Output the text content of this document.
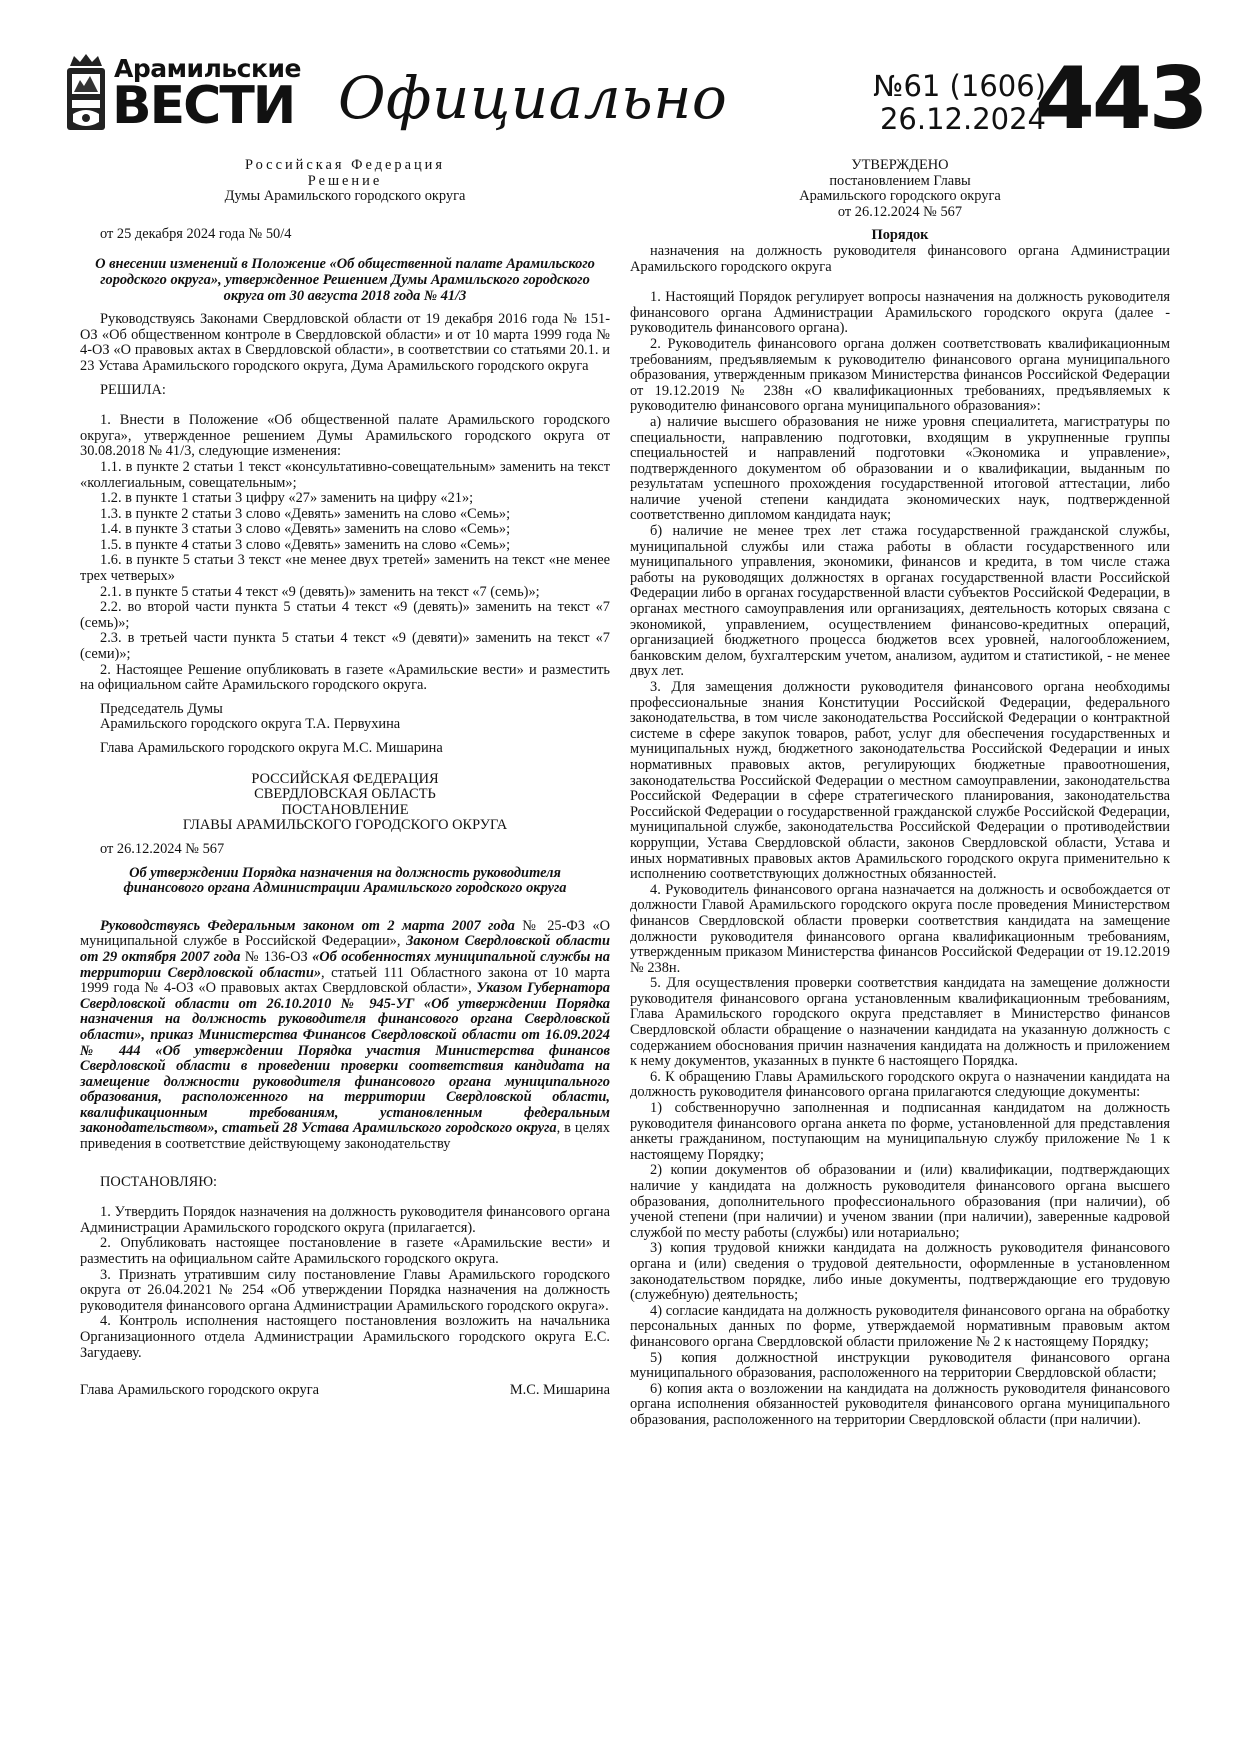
Арамильские
ВЕСТИ Официально	№61 (1606)
26.12.2024
443

Российская Федерация

Решение

Думы Арамильского городского округа

от 25 декабря 2024 года № 50/4

О внесении изменений в Положение «Об общественной палате Арамильского городского округа», утвержденное Решением Думы Арамильского городского округа от 30 августа 2018 года № 41/3

Руководствуясь Законами Свердловской области от 19 декабря 2016 года № 151-ОЗ «Об общественном контроле в Свердловской области» и от 10 марта 1999 года № 4-ОЗ «О правовых актах в Свердловской области», в соответствии со статьями 20.1. и 23 Устава Арамильского городского округа, Дума Арамильского городского округа

РЕШИЛА:

1. Внести в Положение «Об общественной палате Арамильского городского округа», утвержденное решением Думы Арамильского городского округа от 30.08.2018 № 41/3, следующие изменения:

1.1. в пункте 2 статьи 1 текст «консультативно-совещательным» заменить на текст «коллегиальным, совещательным»;

1.2. в пункте 1 статьи 3 цифру «27» заменить на цифру «21»;

1.3. в пункте 2 статьи 3 слово «Девять» заменить на слово «Семь»;

1.4. в пункте 3 статьи 3 слово «Девять» заменить на слово «Семь»;

1.5. в пункте 4 статьи 3 слово «Девять» заменить на слово «Семь»;

1.6. в пункте 5 статьи 3 текст «не менее двух третей» заменить на текст «не менее трех четверых»

2.1. в пункте 5 статьи 4 текст «9 (девять)» заменить на текст «7 (семь)»;

2.2. во второй части пункта 5 статьи 4 текст «9 (девять)» заменить на текст «7 (семь)»;

2.3. в третьей части пункта 5 статьи 4 текст «9 (девяти)» заменить на текст «7 (семи)»;

2. Настоящее Решение опубликовать в газете «Арамильские вести» и разместить на официальном сайте Арамильского городского округа.

Председатель Думы

Арамильского городского округа Т.А. Первухина

Глава Арамильского городского округа М.С. Мишарина

РОССИЙСКАЯ ФЕДЕРАЦИЯ

СВЕРДЛОВСКАЯ ОБЛАСТЬ

ПОСТАНОВЛЕНИЕ

ГЛАВЫ АРАМИЛЬСКОГО ГОРОДСКОГО ОКРУГА

от 26.12.2024 № 567

Об утверждении Порядка назначения на должность руководителя финансового органа Администрации Арамильского городского округа

Руководствуясь Федеральным законом от 2 марта 2007 года № 25-ФЗ «О муниципальной службе в Российской Федерации», Законом Свердловской области от 29 октября 2007 года № 136-ОЗ «Об особенностях муниципальной службы на территории Свердловской области», статьей 111 Областного закона от 10 марта 1999 года № 4-ОЗ «О правовых актах Свердловской области», Указом Губернатора Свердловской области от 26.10.2010 № 945-УГ «Об утверждении Порядка назначения на должность руководителя финансового органа Свердловской области», приказ Министерства Финансов Свердловской области от 16.09.2024 № 444 «Об утверждении Порядка участия Министерства финансов Свердловской области в проведении проверки соответствия кандидата на замещение должности руководителя финансового органа муниципального образования, расположенного на территории Свердловской области, квалификационным требованиям, установленным федеральным законодательством», статьей 28 Устава Арамильского городского округа, в целях приведения в соответствие действующему законодательству

ПОСТАНОВЛЯЮ:

1. Утвердить Порядок назначения на должность руководителя финансового органа Администрации Арамильского городского округа (прилагается).

2. Опубликовать настоящее постановление в газете «Арамильские вести» и разместить на официальном сайте Арамильского городского округа.

3. Признать утратившим силу постановление Главы Арамильского городского округа от 26.04.2021 № 254 «Об утверждении Порядка назначения на должность руководителя финансового органа Администрации Арамильского городского округа».

4. Контроль исполнения настоящего постановления возложить на начальника Организационного отдела Администрации Арамильского городского округа Е.С. Загудаеву.

Глава Арамильского городского округа	М.С. Мишарина

УТВЕРЖДЕНО

постановлением Главы

Арамильского городского округа

от 26.12.2024 № 567

Порядок

назначения на должность руководителя финансового органа Администрации Арамильского городского округа

1. Настоящий Порядок регулирует вопросы назначения на должность руководителя финансового органа Администрации Арамильского городского округа (далее - руководитель финансового органа).

2. Руководитель финансового органа должен соответствовать квалификационным требованиям, предъявляемым к руководителю финансового органа муниципального образования, утвержденным приказом Министерства финансов Российской Федерации от 19.12.2019 № 238н «О квалификационных требованиях, предъявляемых к руководителю финансового органа муниципального образования»:

а) наличие высшего образования не ниже уровня специалитета, магистратуры по специальности, направлению подготовки, входящим в укрупненные группы специальностей и направлений подготовки «Экономика и управление», подтвержденного документом об образовании и о квалификации, выданным по результатам успешного прохождения государственной итоговой аттестации, либо наличие ученой степени кандидата экономических наук, подтвержденной соответственно дипломом кандидата наук;

б) наличие не менее трех лет стажа государственной гражданской службы, муниципальной службы или стажа работы в области государственного или муниципального управления, экономики, финансов и кредита, в том числе стажа работы на руководящих должностях в органах государственной власти Российской Федерации либо в органах государственной власти субъектов Российской Федерации, в органах местного самоуправления или организациях, деятельность которых связана с экономикой, управлением, осуществлением финансово-кредитных операций, организацией бюджетного процесса бюджетов всех уровней, налогообложением, банковским делом, бухгалтерским учетом, анализом, аудитом и статистикой, - не менее двух лет.

3. Для замещения должности руководителя финансового органа необходимы профессиональные знания Конституции Российской Федерации, федерального законодательства, в том числе законодательства Российской Федерации о контрактной системе в сфере закупок товаров, работ, услуг для обеспечения государственных и муниципальных нужд, бюджетного законодательства Российской Федерации и иных нормативных правовых актов, регулирующих бюджетные правоотношения, законодательства Российской Федерации о местном самоуправлении, законодательства Российской Федерации в сфере стратегического планирования, законодательства Российской Федерации о государственной гражданской службе Российской Федерации, муниципальной службе, законодательства Российской Федерации о противодействии коррупции, Устава Свердловской области, законов Свердловской области, Устава и иных нормативных правовых актов Арамильского городского округа применительно к исполнению соответствующих должностных обязанностей.

4. Руководитель финансового органа назначается на должность и освобождается от должности Главой Арамильского городского округа после проведения Министерством финансов Свердловской области проверки соответствия кандидата на замещение должности руководителя финансового органа квалификационным требованиям, утвержденным приказом Министерства финансов Российской Федерации от 19.12.2019 № 238н.

5. Для осуществления проверки соответствия кандидата на замещение должности руководителя финансового органа установленным квалификационным требованиям, Глава Арамильского городского округа представляет в Министерство финансов Свердловской области обращение о назначении кандидата на указанную должность с содержанием обоснования причин назначения кандидата на должность и приложением к нему документов, указанных в пункте 6 настоящего Порядка.

6. К обращению Главы Арамильского городского округа о назначении кандидата на должность руководителя финансового органа прилагаются следующие документы:

1) собственноручно заполненная и подписанная кандидатом на должность руководителя финансового органа анкета по форме, установленной для представления анкеты гражданином, поступающим на муниципальную службу приложение № 1 к настоящему Порядку;

2) копии документов об образовании и (или) квалификации, подтверждающих наличие у кандидата на должность руководителя финансового органа высшего образования, дополнительного профессионального образования (при наличии), об ученой степени (при наличии) и ученом звании (при наличии), заверенные кадровой службой по месту работы (службы) или нотариально;

3) копия трудовой книжки кандидата на должность руководителя финансового органа и (или) сведения о трудовой деятельности, оформленные в установленном законодательством порядке, либо иные документы, подтверждающие его трудовую (служебную) деятельность;

4) согласие кандидата на должность руководителя финансового органа на обработку персональных данных по форме, утверждаемой нормативным правовым актом финансового органа Свердловской области приложение № 2 к настоящему Порядку;

5) копия должностной инструкции руководителя финансового органа муниципального образования, расположенного на территории Свердловской области;

6) копия акта о возложении на кандидата на должность руководителя финансового органа исполнения обязанностей руководителя финансового органа муниципального образования, расположенного на территории Свердловской области (при наличии).
